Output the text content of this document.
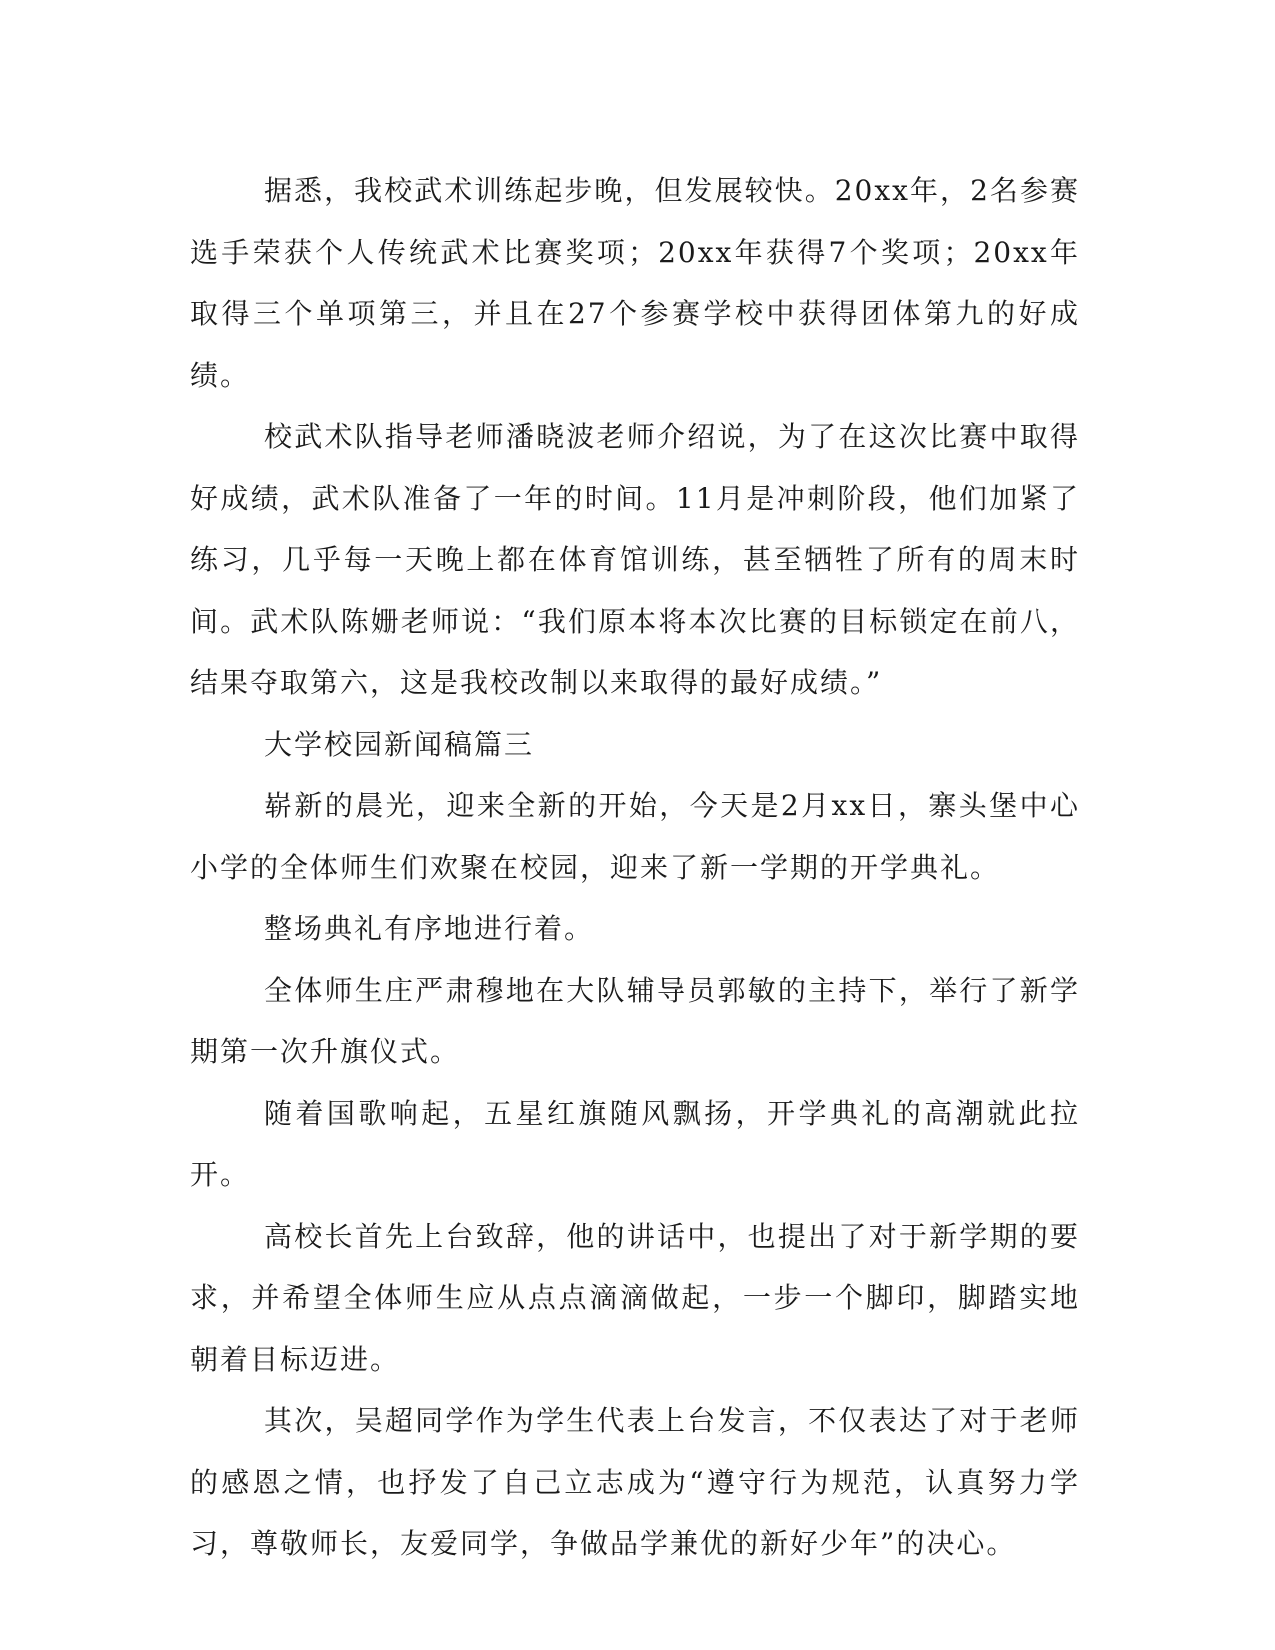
据悉，我校武术训练起步晚，但发展较快。20xx年，2名参赛选手荣获个人传统武术比赛奖项；20xx年获得7个奖项；20xx年取得三个单项第三，并且在27个参赛学校中获得团体第九的好成绩。

校武术队指导老师潘晓波老师介绍说，为了在这次比赛中取得好成绩，武术队准备了一年的时间。11月是冲刺阶段，他们加紧了练习，几乎每一天晚上都在体育馆训练，甚至牺牲了所有的周末时间。武术队陈姗老师说：“我们原本将本次比赛的目标锁定在前八，结果夺取第六，这是我校改制以来取得的最好成绩。”

大学校园新闻稿篇三

崭新的晨光，迎来全新的开始，今天是2月xx日，寨头堡中心小学的全体师生们欢聚在校园，迎来了新一学期的开学典礼。

整场典礼有序地进行着。

全体师生庄严肃穆地在大队辅导员郭敏的主持下，举行了新学期第一次升旗仪式。

随着国歌响起，五星红旗随风飘扬，开学典礼的高潮就此拉开。

高校长首先上台致辞，他的讲话中，也提出了对于新学期的要求，并希望全体师生应从点点滴滴做起，一步一个脚印，脚踏实地朝着目标迈进。

其次，吴超同学作为学生代表上台发言，不仅表达了对于老师的感恩之情，也抒发了自己立志成为“遵守行为规范，认真努力学习，尊敬师长，友爱同学，争做品学兼优的新好少年”的决心。
